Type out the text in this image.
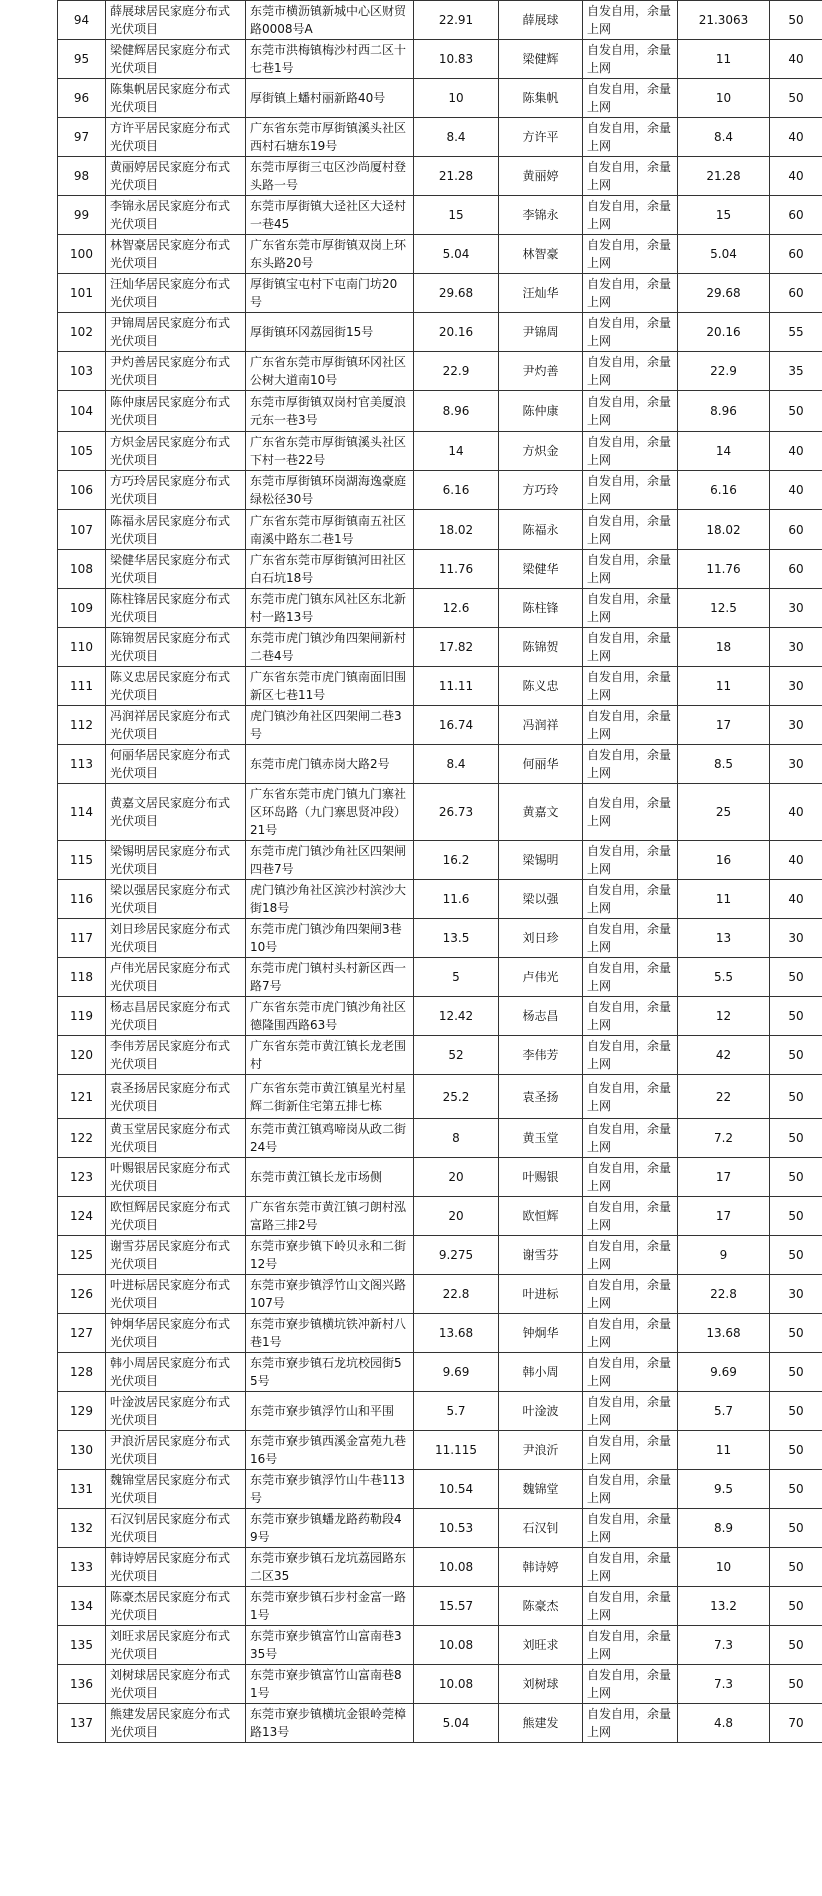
94	薛展球居民家庭分布式光伏项目	东莞市横沥镇新城中心区财贸路0008号A	22.91	薛展球	自发自用，余量上网	21.3063	50
95	梁健辉居民家庭分布式光伏项目	东莞市洪梅镇梅沙村西二区十七巷1号	10.83	梁健辉	自发自用，余量上网	11	40
96	陈集帆居民家庭分布式光伏项目	厚街镇上蟠村丽新路40号	10	陈集帆	自发自用，余量上网	10	50
97	方许平居民家庭分布式光伏项目	广东省东莞市厚街镇溪头社区西村石塘东19号	8.4	方许平	自发自用，余量上网	8.4	40
98	黄丽婷居民家庭分布式光伏项目	东莞市厚街三屯区沙尚厦村登头路一号	21.28	黄丽婷	自发自用，余量上网	21.28	40
99	李锦永居民家庭分布式光伏项目	东莞市厚街镇大迳社区大迳村一巷45	15	李锦永	自发自用，余量上网	15	60
100	林智豪居民家庭分布式光伏项目	广东省东莞市厚街镇双岗上环东头路20号	5.04	林智豪	自发自用，余量上网	5.04	60
101	汪灿华居民家庭分布式光伏项目	厚街镇宝屯村下屯南门坊20号	29.68	汪灿华	自发自用，余量上网	29.68	60
102	尹锦周居民家庭分布式光伏项目	厚街镇环冈荔园街15号	20.16	尹锦周	自发自用，余量上网	20.16	55
103	尹灼善居民家庭分布式光伏项目	广东省东莞市厚街镇环冈社区公树大道南10号	22.9	尹灼善	自发自用，余量上网	22.9	35
104	陈仲康居民家庭分布式光伏项目	东莞市厚街镇双岗村官美厦浪元东一巷3号	8.96	陈仲康	自发自用，余量上网	8.96	50
105	方炽金居民家庭分布式光伏项目	广东省东莞市厚街镇溪头社区下村一巷22号	14	方炽金	自发自用，余量上网	14	40
106	方巧玲居民家庭分布式光伏项目	东莞市厚街镇环岗湖海逸豪庭绿松径30号	6.16	方巧玲	自发自用，余量上网	6.16	40
107	陈福永居民家庭分布式光伏项目	广东省东莞市厚街镇南五社区南溪中路东二巷1号	18.02	陈福永	自发自用，余量上网	18.02	60
108	梁健华居民家庭分布式光伏项目	广东省东莞市厚街镇河田社区白石坑18号	11.76	梁健华	自发自用，余量上网	11.76	60
109	陈柱锋居民家庭分布式光伏项目	东莞市虎门镇东风社区东北新村一路13号	12.6	陈柱锋	自发自用，余量上网	12.5	30
110	陈锦贺居民家庭分布式光伏项目	东莞市虎门镇沙角四架闸新村二巷4号	17.82	陈锦贺	自发自用，余量上网	18	30
111	陈义忠居民家庭分布式光伏项目	广东省东莞市虎门镇南面旧围新区七巷11号	11.11	陈义忠	自发自用，余量上网	11	30
112	冯润祥居民家庭分布式光伏项目	虎门镇沙角社区四架闸二巷3号	16.74	冯润祥	自发自用，余量上网	17	30
113	何丽华居民家庭分布式光伏项目	东莞市虎门镇赤岗大路2号	8.4	何丽华	自发自用，余量上网	8.5	30
114	黄嘉文居民家庭分布式光伏项目	广东省东莞市虎门镇九门寨社区环岛路（九门寨思贤冲段）21号	26.73	黄嘉文	自发自用，余量上网	25	40
115	梁锡明居民家庭分布式光伏项目	东莞市虎门镇沙角社区四架闸四巷7号	16.2	梁锡明	自发自用，余量上网	16	40
116	梁以强居民家庭分布式光伏项目	虎门镇沙角社区滨沙村滨沙大街18号	11.6	梁以强	自发自用，余量上网	11	40
117	刘日珍居民家庭分布式光伏项目	东莞市虎门镇沙角四架闸3巷10号	13.5	刘日珍	自发自用，余量上网	13	30
118	卢伟光居民家庭分布式光伏项目	东莞市虎门镇村头村新区西一路7号	5	卢伟光	自发自用，余量上网	5.5	50
119	杨志昌居民家庭分布式光伏项目	广东省东莞市虎门镇沙角社区德隆围西路63号	12.42	杨志昌	自发自用，余量上网	12	50
120	李伟芳居民家庭分布式光伏项目	广东省东莞市黄江镇长龙老围村	52	李伟芳	自发自用，余量上网	42	50
121	袁圣扬居民家庭分布式光伏项目	广东省东莞市黄江镇星光村星辉二街新住宅第五排七栋	25.2	袁圣扬	自发自用，余量上网	22	50
122	黄玉堂居民家庭分布式光伏项目	东莞市黄江镇鸡啼岗从政二街24号	8	黄玉堂	自发自用，余量上网	7.2	50
123	叶赐银居民家庭分布式光伏项目	东莞市黄江镇长龙市场侧	20	叶赐银	自发自用，余量上网	17	50
124	欧恒辉居民家庭分布式光伏项目	广东省东莞市黄江镇刁朗村泓富路三排2号	20	欧恒辉	自发自用，余量上网	17	50
125	谢雪芬居民家庭分布式光伏项目	东莞市寮步镇下岭贝永和二街12号	9.275	谢雪芬	自发自用，余量上网	9	50
126	叶进标居民家庭分布式光伏项目	东莞市寮步镇浮竹山文阁兴路107号	22.8	叶进标	自发自用，余量上网	22.8	30
127	钟炯华居民家庭分布式光伏项目	东莞市寮步镇横坑铁冲新村八巷1号	13.68	钟炯华	自发自用，余量上网	13.68	50
128	韩小周居民家庭分布式光伏项目	东莞市寮步镇石龙坑校园街55号	9.69	韩小周	自发自用，余量上网	9.69	50
129	叶淦波居民家庭分布式光伏项目	东莞市寮步镇浮竹山和平围	5.7	叶淦波	自发自用，余量上网	5.7	50
130	尹浪沂居民家庭分布式光伏项目	东莞市寮步镇西溪金富苑九巷16号	11.115	尹浪沂	自发自用，余量上网	11	50
131	魏锦堂居民家庭分布式光伏项目	东莞市寮步镇浮竹山牛巷113号	10.54	魏锦堂	自发自用，余量上网	9.5	50
132	石汉钊居民家庭分布式光伏项目	东莞市寮步镇蟠龙路药勒段49号	10.53	石汉钊	自发自用，余量上网	8.9	50
133	韩诗婷居民家庭分布式光伏项目	东莞市寮步镇石龙坑荔园路东二区35	10.08	韩诗婷	自发自用，余量上网	10	50
134	陈豪杰居民家庭分布式光伏项目	东莞市寮步镇石步村金富一路1号	15.57	陈豪杰	自发自用，余量上网	13.2	50
135	刘旺求居民家庭分布式光伏项目	东莞市寮步镇富竹山富南巷335号	10.08	刘旺求	自发自用，余量上网	7.3	50
136	刘树球居民家庭分布式光伏项目	东莞市寮步镇富竹山富南巷81号	10.08	刘树球	自发自用，余量上网	7.3	50
137	熊建发居民家庭分布式光伏项目	东莞市寮步镇横坑金银岭莞樟路13号	5.04	熊建发	自发自用，余量上网	4.8	70
